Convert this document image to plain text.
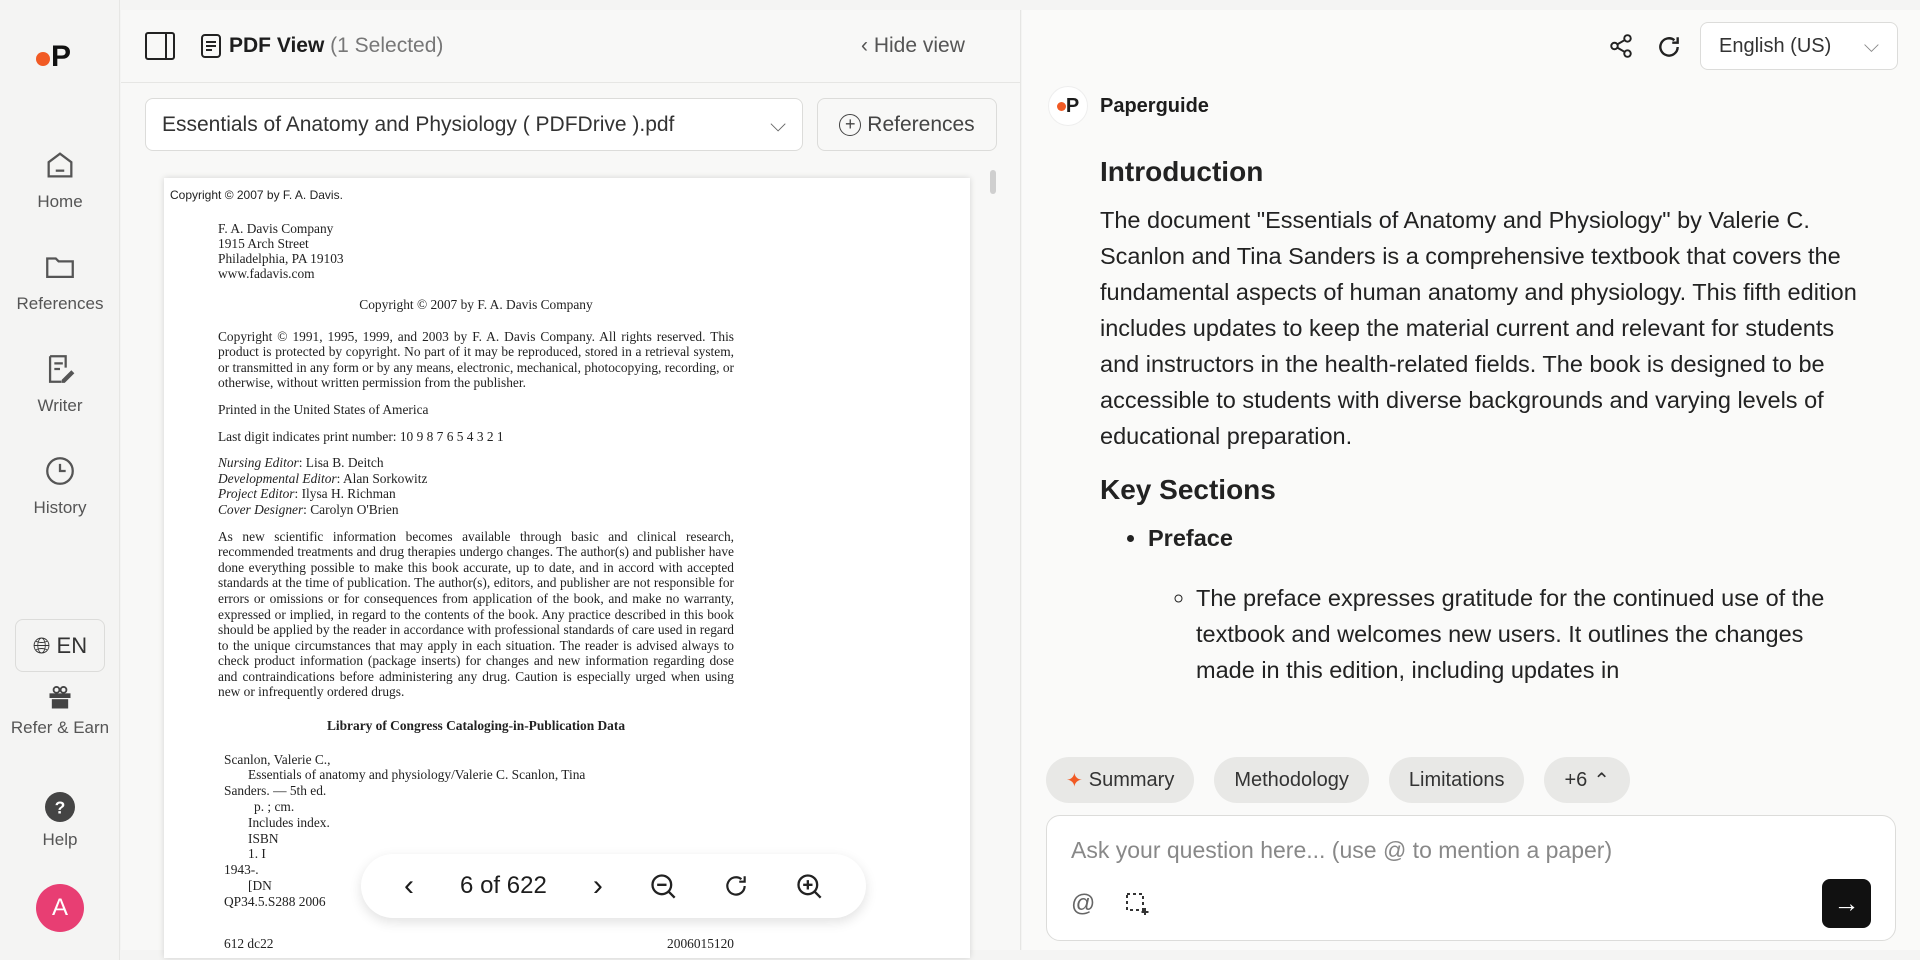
P
Home
References
Writer
History
🌐︎ EN
Refer & Earn
?
Help
A
PDF View (1 Selected)	‹ Hide view
Essentials of Anatomy and Physiology ( PDFDrive ).pdf	⌵	+ References
Copyright © 2007 by F. A. Davis.

F. A. Davis Company
1915 Arch Street
Philadelphia, PA 19103
www.fadavis.com

Copyright © 2007 by F. A. Davis Company

Copyright © 1991, 1995, 1999, and 2003 by F. A. Davis Company. All rights reserved. This product is protected by copyright. No part of it may be reproduced, stored in a retrieval system, or transmitted in any form or by any means, electronic, mechanical, photocopying, recording, or otherwise, without written permission from the publisher.

Printed in the United States of America

Last digit indicates print number: 10 9 8 7 6 5 4 3 2 1

Nursing Editor: Lisa B. Deitch
Developmental Editor: Alan Sorkowitz
Project Editor: Ilysa H. Richman
Cover Designer: Carolyn O'Brien

As new scientific information becomes available through basic and clinical research, recommended treatments and drug therapies undergo changes. The author(s) and publisher have done everything possible to make this book accurate, up to date, and in accord with accepted standards at the time of publication. The author(s), editors, and publisher are not responsible for errors or omissions or for consequences from application of the book, and make no warranty, expressed or implied, in regard to the contents of the book. Any practice described in this book should be applied by the reader in accordance with professional standards of care used in regard to the unique circumstances that may apply in each situation. The reader is advised always to check product information (package inserts) for changes and new information regarding dose and contraindications before administering any drug. Caution is especially urged when using new or infrequently ordered drugs.

Library of Congress Cataloging-in-Publication Data

Scanlon, Valerie C.,
Essentials of anatomy and physiology/Valerie C. Scanlon, Tina
Sanders. — 5th ed.
p. ; cm.
Includes index.
ISBN
1. I
1943-.
[DN
QP34.5.S288 2006
612 dc22	2006015120
‹ 6 of 622 ›
English (US) ⌵
P	Paperguide
Introduction

The document "Essentials of Anatomy and Physiology" by Valerie C. Scanlon and Tina Sanders is a comprehensive textbook that covers the fundamental aspects of human anatomy and physiology. This fifth edition includes updates to keep the material current and relevant for students and instructors in the health-related fields. The book is designed to be accessible to students with diverse backgrounds and varying levels of educational preparation.

Key Sections
• Preface
◦ The preface expresses gratitude for the continued use of the textbook and welcomes new users. It outlines the changes made in this edition, including updates in
✦ Summary	Methodology	Limitations	+6 ⌃
Ask your question here... (use @ to mention a paper)
@	→
